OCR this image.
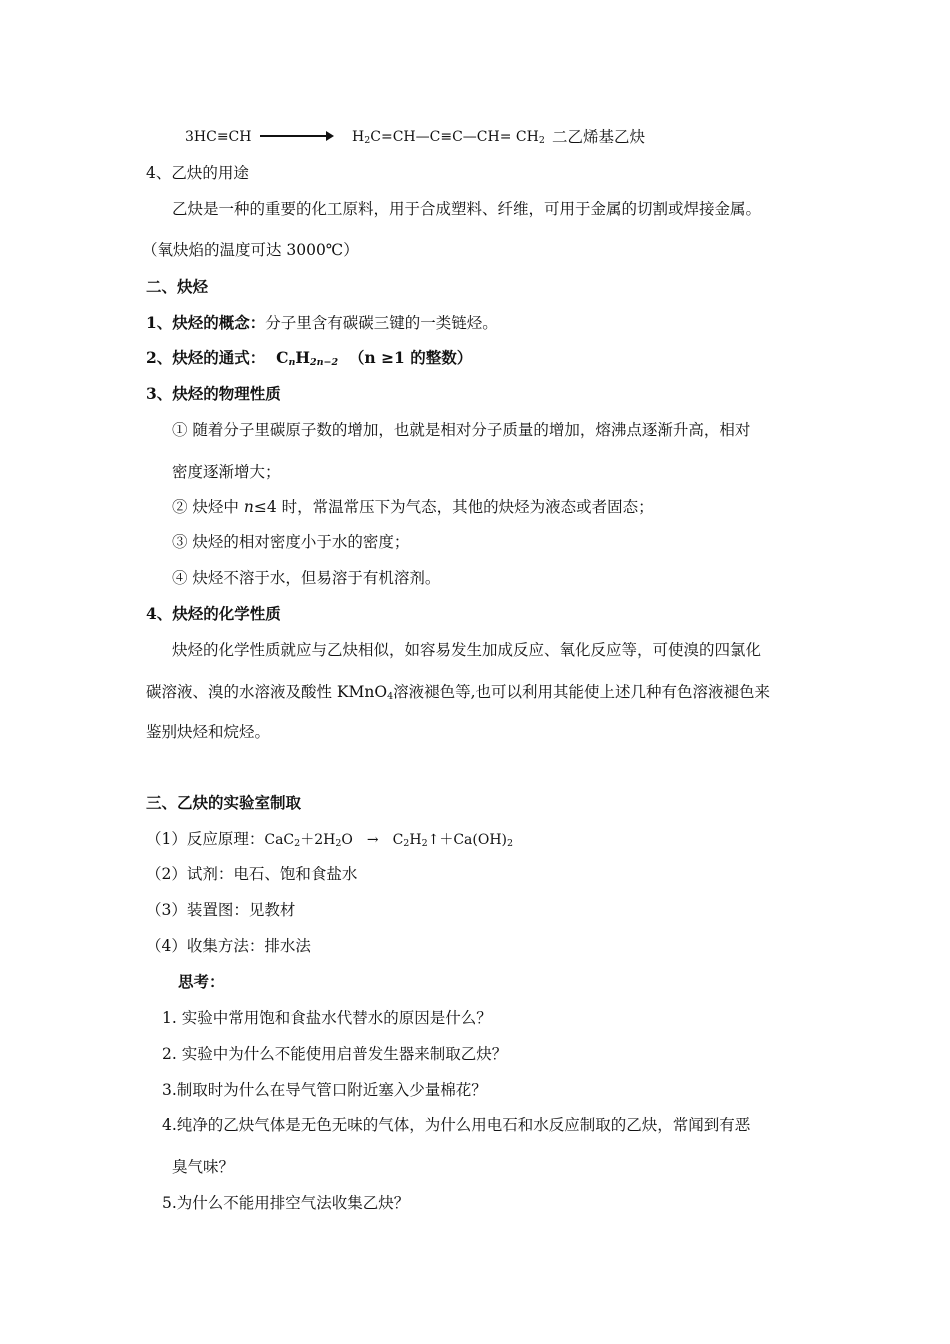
3HC≡CH	$H_2C=CH—C\equiv C—CH= CH_2$ 二乙烯基乙炔
4、乙炔的用途
乙炔是一种的重要的化工原料，用于合成塑料、纤维，可用于金属的切割或焊接金属。
（氧炔焰的温度可达 3000℃）
二、炔烃
1、炔烃的概念：分子里含有碳碳三键的一类链烃。
2、炔烃的通式： $C_nH_{2n-2}$ （n ≥1 的整数）
3、炔烃的物理性质
① 随着分子里碳原子数的增加，也就是相对分子质量的增加，熔沸点逐渐升高，相对
密度逐渐增大；
② 炔烃中 n≤4 时，常温常压下为气态，其他的炔烃为液态或者固态；
③ 炔烃的相对密度小于水的密度；
④ 炔烃不溶于水，但易溶于有机溶剂。
4、炔烃的化学性质
炔烃的化学性质就应与乙炔相似，如容易发生加成反应、氧化反应等，可使溴的四氯化
碳溶液、溴的水溶液及酸性 KMnO$_4$溶液褪色等,也可以利用其能使上述几种有色溶液褪色来
鉴别炔烃和烷烃。
三、乙炔的实验室制取
（1）反应原理：$CaC_2+2H_2O$　→　$C_2H_2↑+Ca(OH)_2$
（2）试剂：电石、饱和食盐水
（3）装置图：见教材
（4）收集方法：排水法
思考：
1. 实验中常用饱和食盐水代替水的原因是什么？
2. 实验中为什么不能使用启普发生器来制取乙炔？
3.制取时为什么在导气管口附近塞入少量棉花？
4.纯净的乙炔气体是无色无味的气体，为什么用电石和水反应制取的乙炔，常闻到有恶
臭气味？
5.为什么不能用排空气法收集乙炔？
